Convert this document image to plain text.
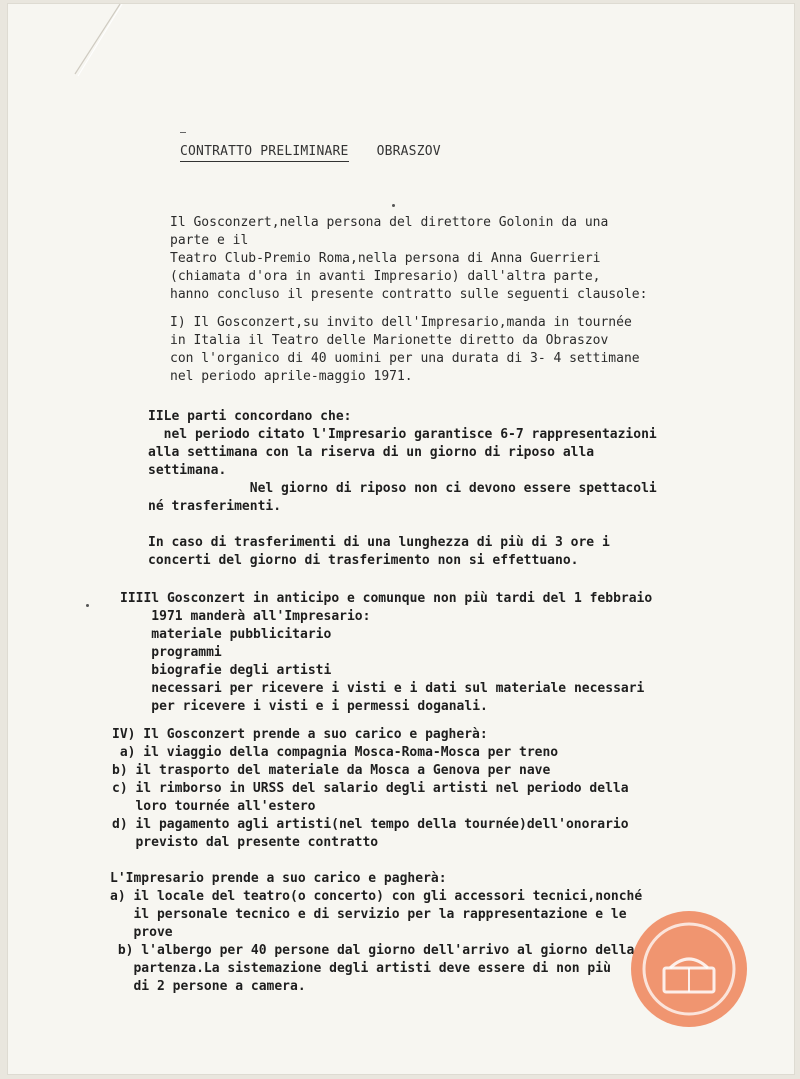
CONTRATTO PRELIMINARE OBRASZOV
Il Gosconzert,nella persona del direttore Golonin da una
parte e il
Teatro Club-Premio Roma,nella persona di Anna Guerrieri
(chiamata d'ora in avanti Impresario) dall'altra parte,
hanno concluso il presente contratto sulle seguenti clausole:
I) Il Gosconzert,su invito dell'Impresario,manda in tournée
in Italia il Teatro delle Marionette diretto da Obraszov
con l'organico di 40 uomini per una durata di 3- 4 settimane
nel periodo aprile-maggio 1971.
IILe parti concordano che:
nel periodo citato l'Impresario garantisce 6-7 rappresentazioni
alla settimana con la riserva di un giorno di riposo alla
settimana.
Nel giorno di riposo non ci devono essere spettacoli
né trasferimenti.
In caso di trasferimenti di una lunghezza di più di 3 ore i
concerti del giorno di trasferimento non si effettuano.
IIIIl Gosconzert in anticipo e comunque non più tardi del 1 febbraio
1971 manderà all'Impresario:
materiale pubblicitario
programmi
biografie degli artisti
necessari per ricevere i visti e i dati sul materiale necessari
per ricevere i visti e i permessi doganali.
IV) Il Gosconzert prende a suo carico e pagherà:
a) il viaggio della compagnia Mosca-Roma-Mosca per treno
b) il trasporto del materiale da Mosca a Genova per nave
c) il rimborso in URSS del salario degli artisti nel periodo della
loro tournée all'estero
d) il pagamento agli artisti(nel tempo della tournée)dell'onorario
previsto dal presente contratto
L'Impresario prende a suo carico e pagherà:
a) il locale del teatro(o concerto) con gli accessori tecnici,nonché
il personale tecnico e di servizio per la rappresentazione e le
prove
b) l'albergo per 40 persone dal giorno dell'arrivo al giorno della
partenza.La sistemazione degli artisti deve essere di non più
di 2 persone a camera.
